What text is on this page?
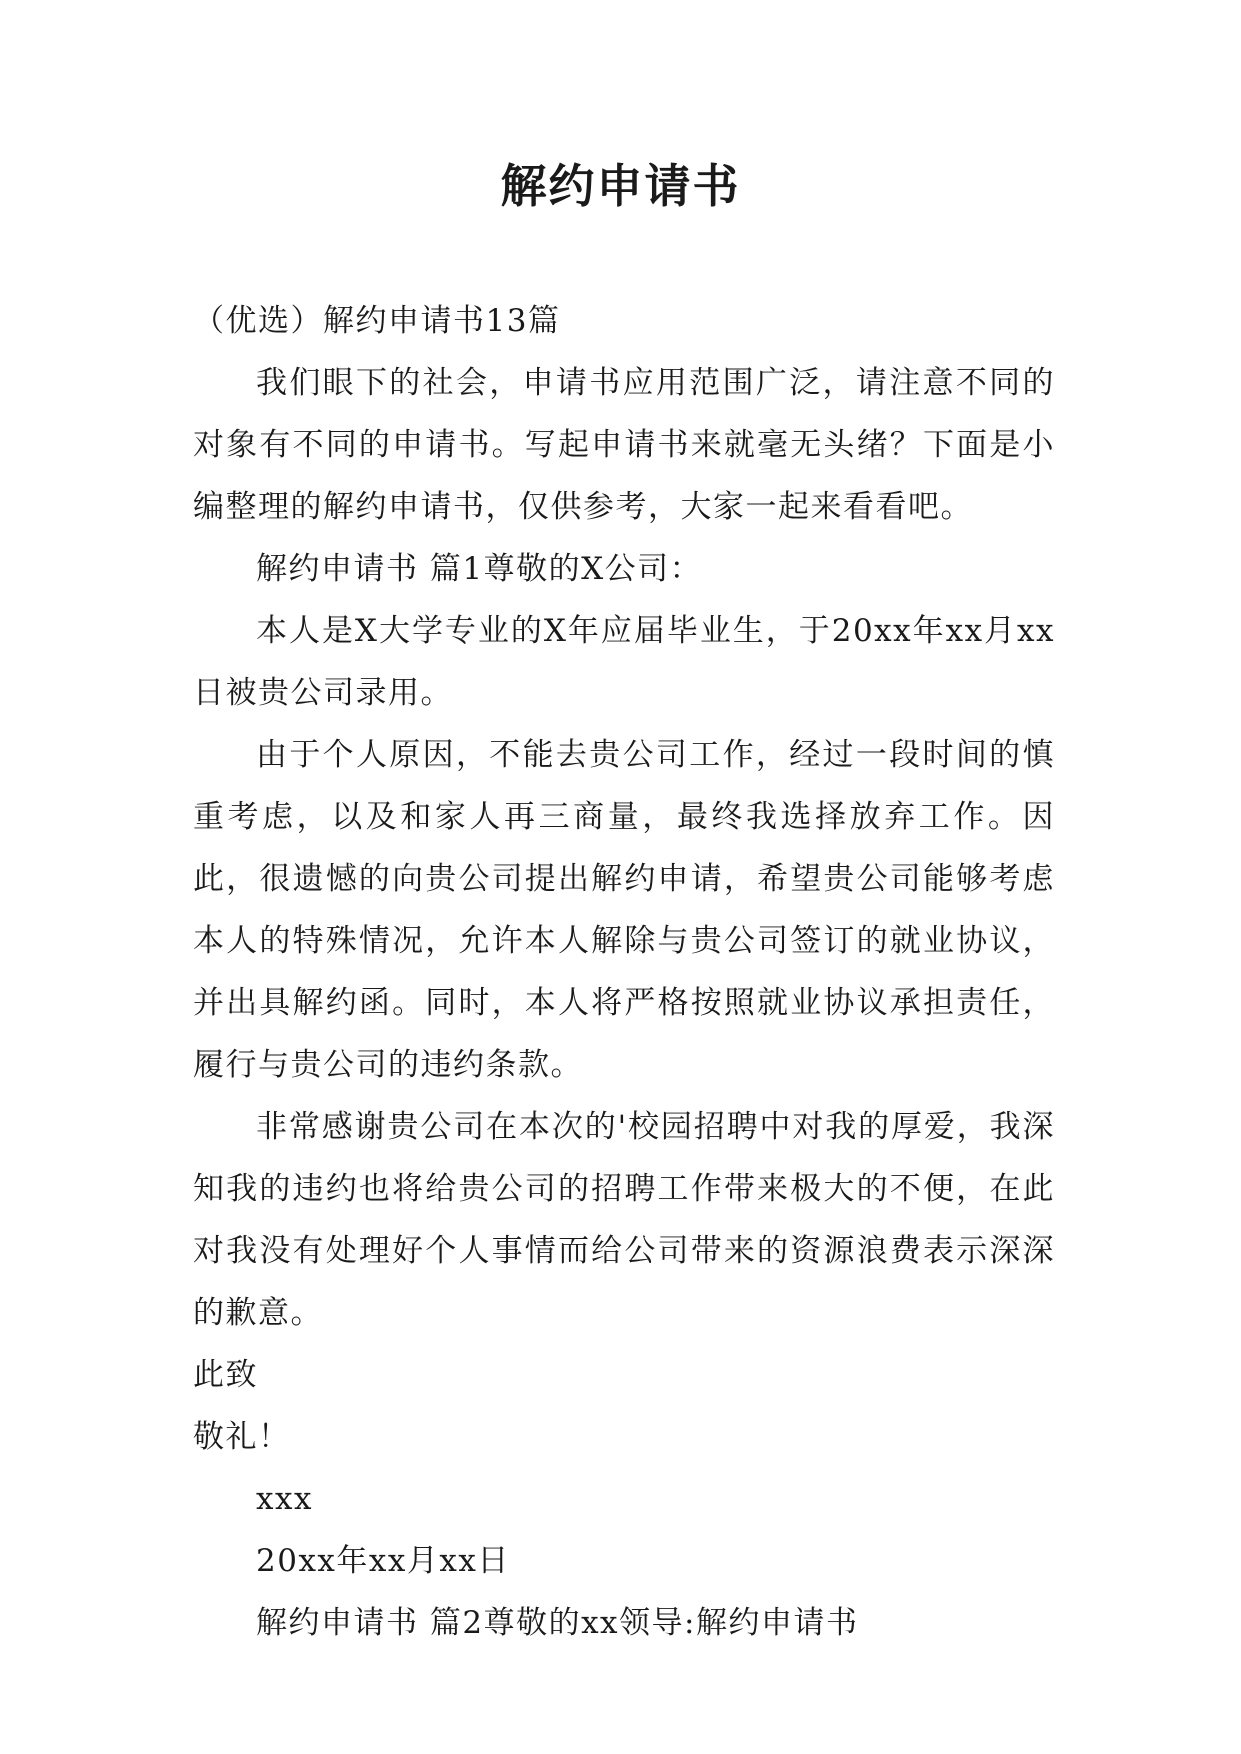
解约申请书

（优选）解约申请书13篇

我们眼下的社会，申请书应用范围广泛，请注意不同的对象有不同的申请书。写起申请书来就毫无头绪？下面是小编整理的解约申请书，仅供参考，大家一起来看看吧。

解约申请书 篇1尊敬的X公司：

本人是X大学专业的X年应届毕业生，于20xx年xx月xx日被贵公司录用。

由于个人原因，不能去贵公司工作，经过一段时间的慎重考虑，以及和家人再三商量，最终我选择放弃工作。因此，很遗憾的向贵公司提出解约申请，希望贵公司能够考虑本人的特殊情况，允许本人解除与贵公司签订的就业协议，并出具解约函。同时，本人将严格按照就业协议承担责任，履行与贵公司的违约条款。

非常感谢贵公司在本次的'校园招聘中对我的厚爱，我深知我的违约也将给贵公司的招聘工作带来极大的不便，在此对我没有处理好个人事情而给公司带来的资源浪费表示深深的歉意。

此致

敬礼！

xxx

20xx年xx月xx日

解约申请书 篇2尊敬的xx领导:解约申请书
